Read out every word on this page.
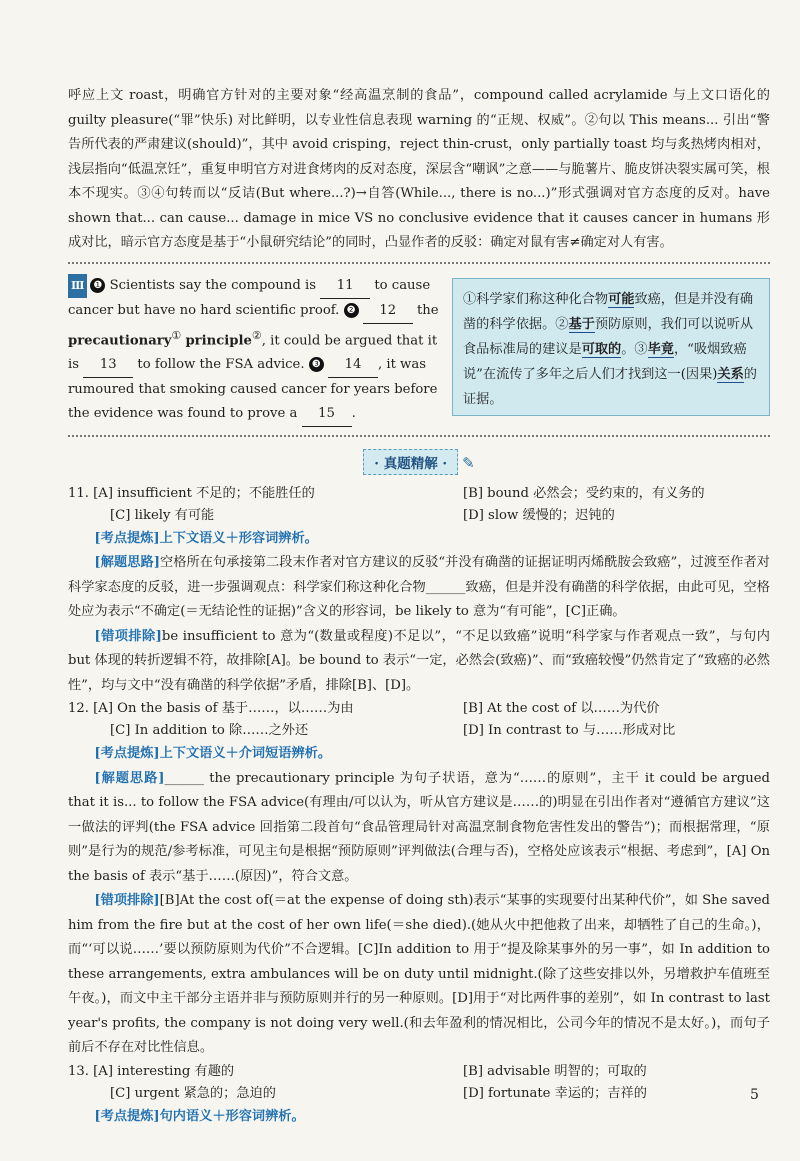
呼应上文 roast，明确官方针对的主要对象“经高温烹制的食品”，compound called acrylamide 与上文口语化的 guilty pleasure(“罪”快乐) 对比鲜明，以专业性信息表现 warning 的“正规、权威”。②句以 This means... 引出“警告所代表的严肃建议(should)”，其中 avoid crisping，reject thin-crust，only partially toast 均与炙热烤肉相对，浅层指向“低温烹饪”，重复申明官方对进食烤肉的反对态度，深层含“嘲讽”之意——与脆薯片、脆皮饼决裂实属可笑，根本不现实。③④句转而以“反诘(But where...?)→自答(While..., there is no...)”形式强调对官方态度的反对。have shown that... can cause... damage in mice VS no conclusive evidence that it causes cancer in humans 形成对比，暗示官方态度是基于“小鼠研究结论”的同时，凸显作者的反驳：确定对鼠有害≠确定对人有害。

Ⅲ ❶ Scientists say the compound is 11 to cause cancer but have no hard scientific proof. ❷ 12 the precautionary① principle②, it could be argued that it is 13 to follow the FSA advice. ❸ 14 , it was rumoured that smoking caused cancer for years before the evidence was found to prove a 15 .
①科学家们称这种化合物可能致癌，但是并没有确凿的科学依据。②基于预防原则，我们可以说听从食品标准局的建议是可取的。③毕竟，“吸烟致癌说”在流传了多年之后人们才找到这一(因果)关系的证据。
· 真题精解 · ✎
11. [A] insufficient 不足的；不能胜任的	[B] bound 必然会；受约束的，有义务的
[C] likely 有可能	[D] slow 缓慢的；迟钝的

[考点提炼]上下文语义＋形容词辨析。

[解题思路]空格所在句承接第二段末作者对官方建议的反驳“并没有确凿的证据证明丙烯酰胺会致癌”，过渡至作者对科学家态度的反驳，进一步强调观点：科学家们称这种化合物______致癌，但是并没有确凿的科学依据，由此可见，空格处应为表示“不确定(＝无结论性的证据)”含义的形容词，be likely to 意为“有可能”，[C]正确。

[错项排除]be insufficient to 意为“(数量或程度)不足以”，“不足以致癌”说明“科学家与作者观点一致”，与句内 but 体现的转折逻辑不符，故排除[A]。be bound to 表示“一定，必然会(致癌)”、而“致癌较慢”仍然肯定了“致癌的必然性”，均与文中“没有确凿的科学依据”矛盾，排除[B]、[D]。

12. [A] On the basis of 基于……，以……为由	[B] At the cost of 以……为代价
[C] In addition to 除……之外还	[D] In contrast to 与……形成对比

[考点提炼]上下文语义＋介词短语辨析。

[解题思路]______ the precautionary principle 为句子状语，意为“……的原则”，主干 it could be argued that it is... to follow the FSA advice(有理由/可以认为，听从官方建议是……的)明显在引出作者对“遵循官方建议”这一做法的评判(the FSA advice 回指第二段首句“食品管理局针对高温烹制食物危害性发出的警告”)；而根据常理，“原则”是行为的规范/参考标准，可见主句是根据“预防原则”评判做法(合理与否)，空格处应该表示“根据、考虑到”，[A] On the basis of 表示“基于……(原因)”，符合文意。

[错项排除][B]At the cost of(＝at the expense of doing sth)表示“某事的实现要付出某种代价”，如 She saved him from the fire but at the cost of her own life(＝she died).(她从火中把他救了出来，却牺牲了自己的生命。)，而“‘可以说……’要以预防原则为代价”不合逻辑。[C]In addition to 用于“提及除某事外的另一事”，如 In addition to these arrangements, extra ambulances will be on duty until midnight.(除了这些安排以外，另增救护车值班至午夜。)，而文中主干部分主语并非与预防原则并行的另一种原则。[D]用于“对比两件事的差别”，如 In contrast to last year's profits, the company is not doing very well.(和去年盈利的情况相比，公司今年的情况不是太好。)，而句子前后不存在对比性信息。

13. [A] interesting 有趣的	[B] advisable 明智的；可取的
[C] urgent 紧急的；急迫的	[D] fortunate 幸运的；吉祥的

[考点提炼]句内语义＋形容词辨析。

5
